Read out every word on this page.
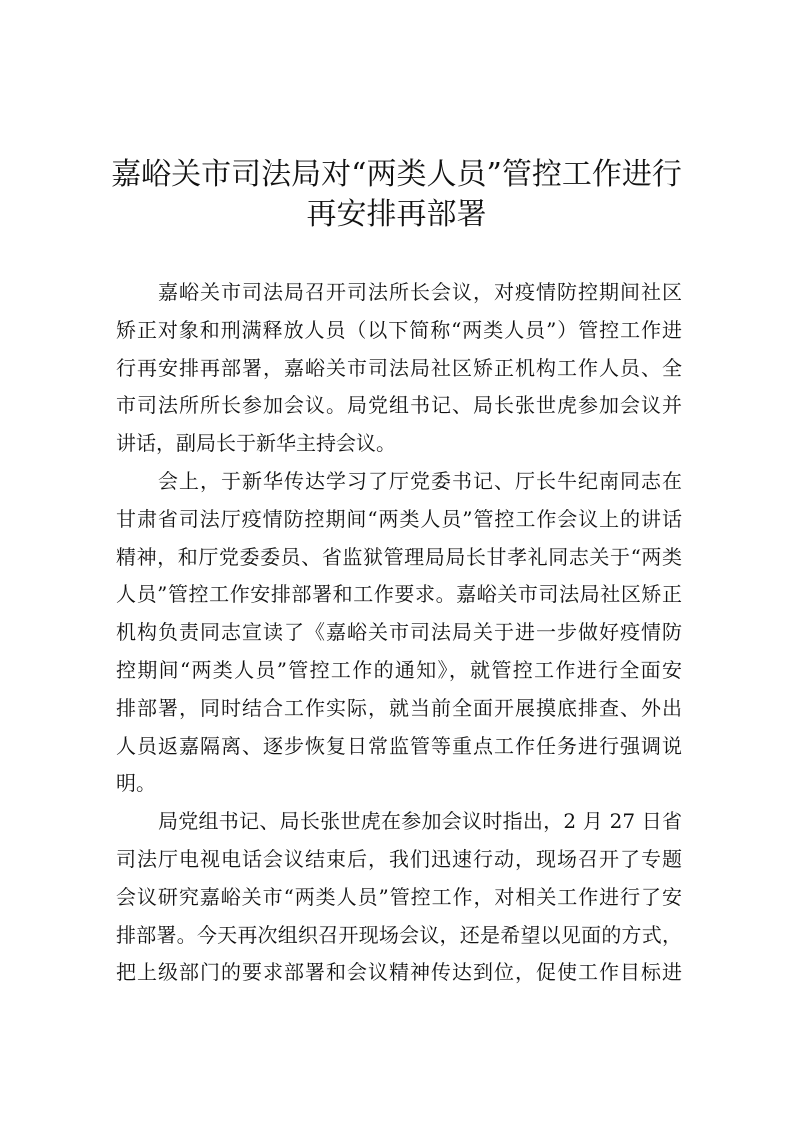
嘉峪关市司法局对“两类人员”管控工作进行
再安排再部署
嘉峪关市司法局召开司法所长会议，对疫情防控期间社区
矫正对象和刑满释放人员（以下简称“两类人员”）管控工作进
行再安排再部署，嘉峪关市司法局社区矫正机构工作人员、全
市司法所所长参加会议。局党组书记、局长张世虎参加会议并
讲话，副局长于新华主持会议。
会上，于新华传达学习了厅党委书记、厅长牛纪南同志在
甘肃省司法厅疫情防控期间“两类人员”管控工作会议上的讲话
精神，和厅党委委员、省监狱管理局局长甘孝礼同志关于“两类
人员”管控工作安排部署和工作要求。嘉峪关市司法局社区矫正
机构负责同志宣读了《嘉峪关市司法局关于进一步做好疫情防
控期间“两类人员”管控工作的通知》，就管控工作进行全面安
排部署，同时结合工作实际，就当前全面开展摸底排查、外出
人员返嘉隔离、逐步恢复日常监管等重点工作任务进行强调说
明。
局党组书记、局长张世虎在参加会议时指出，2 月 27 日省
司法厅电视电话会议结束后，我们迅速行动，现场召开了专题
会议研究嘉峪关市“两类人员”管控工作，对相关工作进行了安
排部署。今天再次组织召开现场会议，还是希望以见面的方式，
把上级部门的要求部署和会议精神传达到位，促使工作目标进
